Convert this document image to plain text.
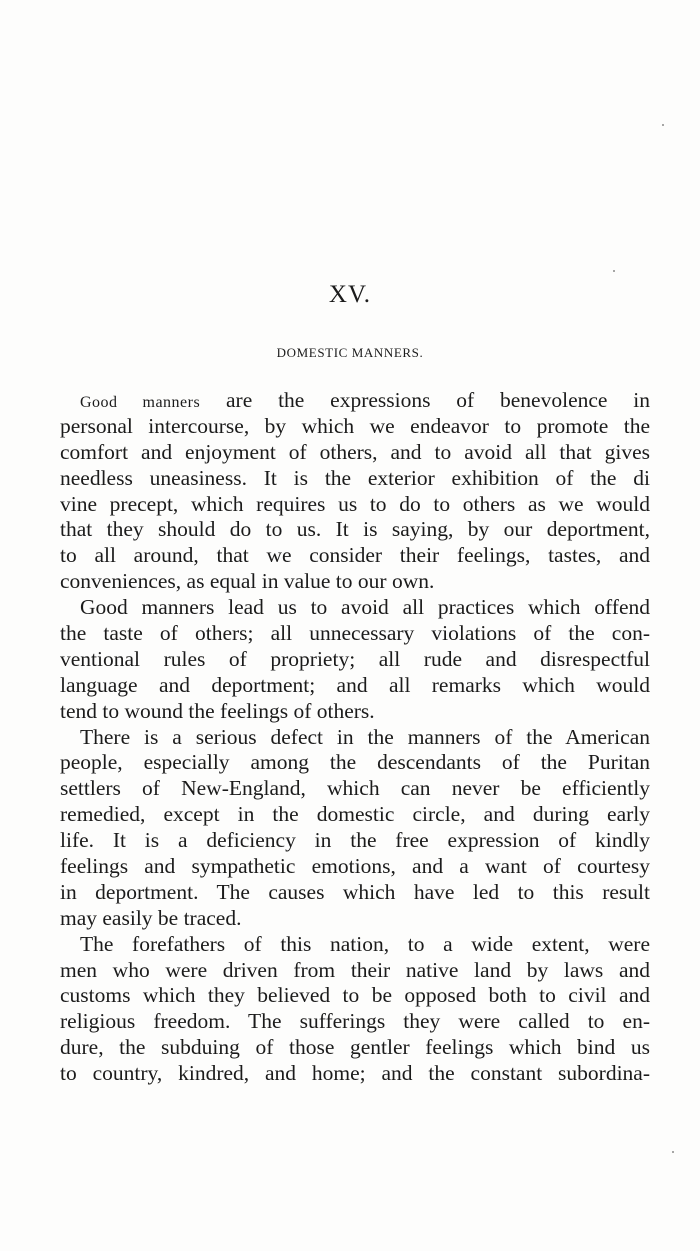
XV.
DOMESTIC MANNERS.
Good manners are the expressions of benevolence in
personal intercourse, by which we endeavor to promote the
comfort and enjoyment of others, and to avoid all that gives
needless uneasiness. It is the exterior exhibition of the di
vine precept, which requires us to do to others as we would
that they should do to us. It is saying, by our deportment,
to all around, that we consider their feelings, tastes, and
conveniences, as equal in value to our own.
Good manners lead us to avoid all practices which offend
the taste of others; all unnecessary violations of the con-
ventional rules of propriety; all rude and disrespectful
language and deportment; and all remarks which would
tend to wound the feelings of others.
There is a serious defect in the manners of the American
people, especially among the descendants of the Puritan
settlers of New-England, which can never be efficiently
remedied, except in the domestic circle, and during early
life. It is a deficiency in the free expression of kindly
feelings and sympathetic emotions, and a want of courtesy
in deportment. The causes which have led to this result
may easily be traced.
The forefathers of this nation, to a wide extent, were
men who were driven from their native land by laws and
customs which they believed to be opposed both to civil and
religious freedom. The sufferings they were called to en-
dure, the subduing of those gentler feelings which bind us
to country, kindred, and home; and the constant subordina-
